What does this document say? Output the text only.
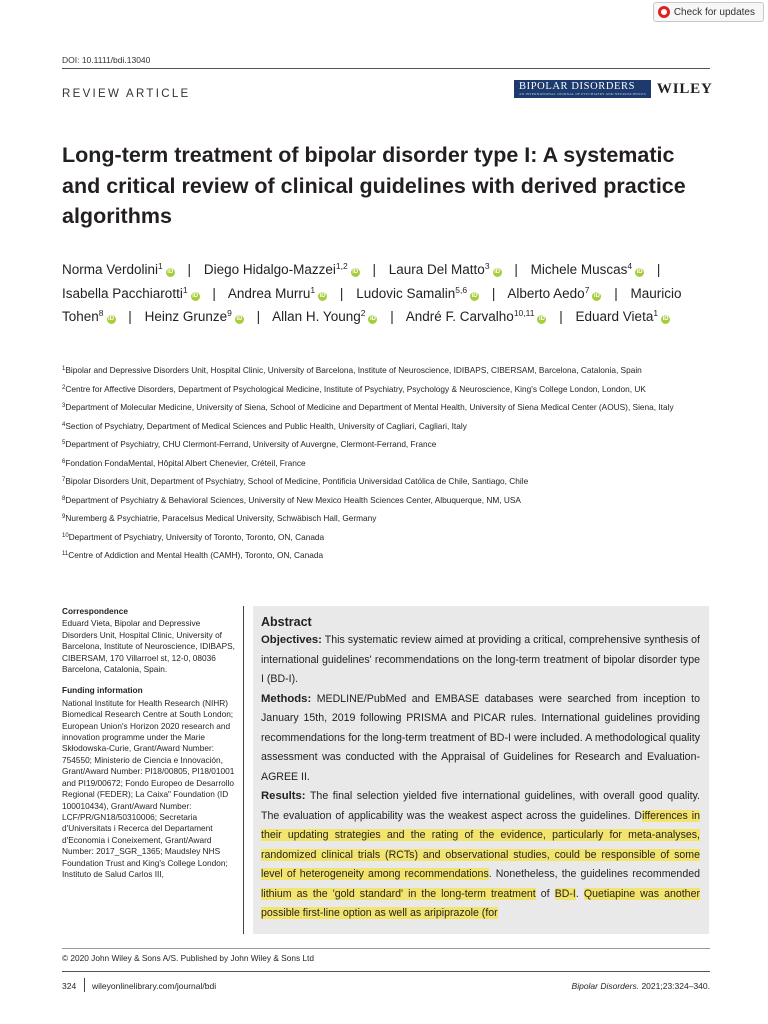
Check for updates
DOI: 10.1111/bdi.13040
REVIEW ARTICLE
BIPOLAR DISORDERS
AN INTERNATIONAL JOURNAL OF PSYCHIATRY AND NEUROSCIENCES WILEY
Long-term treatment of bipolar disorder type I: A systematic and critical review of clinical guidelines with derived practice algorithms
Norma Verdolini$^1$iD | Diego Hidalgo-Mazzei$^{1,2}$iD | Laura Del Matto$^3$iD | Michele Muscas$^4$iD | Isabella Pacchiarotti$^1$iD | Andrea Murru$^1$iD | Ludovic Samalin$^{5,6}$iD | Alberto Aedo$^7$iD | Mauricio Tohen$^8$iD | Heinz Grunze$^9$iD | Allan H. Young$^2$iD | André F. Carvalho$^{10,11}$iD | Eduard Vieta$^1$iD
$^1$Bipolar and Depressive Disorders Unit, Hospital Clinic, University of Barcelona, Institute of Neuroscience, IDIBAPS, CIBERSAM, Barcelona, Catalonia, Spain
$^2$Centre for Affective Disorders, Department of Psychological Medicine, Institute of Psychiatry, Psychology & Neuroscience, King's College London, London, UK
$^3$Department of Molecular Medicine, University of Siena, School of Medicine and Department of Mental Health, University of Siena Medical Center (AOUS), Siena, Italy
$^4$Section of Psychiatry, Department of Medical Sciences and Public Health, University of Cagliari, Cagliari, Italy
$^5$Department of Psychiatry, CHU Clermont-Ferrand, University of Auvergne, Clermont-Ferrand, France
$^6$Fondation FondaMental, Hôpital Albert Chenevier, Créteil, France
$^7$Bipolar Disorders Unit, Department of Psychiatry, School of Medicine, Pontificia Universidad Católica de Chile, Santiago, Chile
$^8$Department of Psychiatry & Behavioral Sciences, University of New Mexico Health Sciences Center, Albuquerque, NM, USA
$^9$Nuremberg & Psychiatrie, Paracelsus Medical University, Schwäbisch Hall, Germany
$^{10}$Department of Psychiatry, University of Toronto, Toronto, ON, Canada
$^{11}$Centre of Addiction and Mental Health (CAMH), Toronto, ON, Canada
Correspondence
Eduard Vieta, Bipolar and Depressive Disorders Unit, Hospital Clinic, University of Barcelona, Institute of Neuroscience, IDIBAPS, CIBERSAM, 170 Villarroel st, 12-0, 08036 Barcelona, Catalonia, Spain.
Funding information
National Institute for Health Research (NIHR) Biomedical Research Centre at South London; European Union's Horizon 2020 research and innovation programme under the Marie Skłodowska-Curie, Grant/Award Number: 754550; Ministerio de Ciencia e Innovación, Grant/Award Number: PI18/00805, PI18/01001 and PI19/00672; Fondo Europeo de Desarrollo Regional (FEDER); La Caixa" Foundation (ID 100010434), Grant/Award Number: LCF/PR/GN18/50310006; Secretaria d'Universitats i Recerca del Departament d'Economia i Coneixement, Grant/Award Number: 2017_SGR_1365; Maudsley NHS Foundation Trust and King's College London; Instituto de Salud Carlos III,
Abstract

Objectives: This systematic review aimed at providing a critical, comprehensive synthesis of international guidelines' recommendations on the long-term treatment of bipolar disorder type I (BD-I).

Methods: MEDLINE/PubMed and EMBASE databases were searched from inception to January 15th, 2019 following PRISMA and PICAR rules. International guidelines providing recommendations for the long-term treatment of BD-I were included. A methodological quality assessment was conducted with the Appraisal of Guidelines for Research and Evaluation-AGREE II.

Results: The final selection yielded five international guidelines, with overall good quality. The evaluation of applicability was the weakest aspect across the guidelines. Differences in their updating strategies and the rating of the evidence, particularly for meta-analyses, randomized clinical trials (RCTs) and observational studies, could be responsible of some level of heterogeneity among recommendations. Nonetheless, the guidelines recommended lithium as the 'gold standard' in the long-term treatment of BD-I. Quetiapine was another possible first-line option as well as aripiprazole (for

© 2020 John Wiley & Sons A/S. Published by John Wiley & Sons Ltd
324 wileyonlinelibrary.com/journal/bdi	Bipolar Disorders. 2021;23:324–340.
